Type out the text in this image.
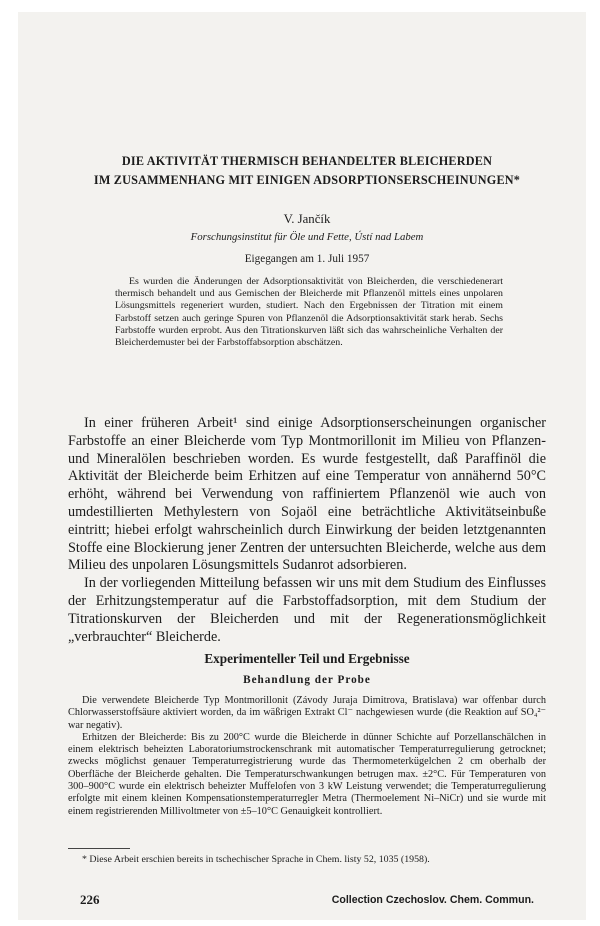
DIE AKTIVITÄT THERMISCH BEHANDELTER BLEICHERDEN
IM ZUSAMMENHANG MIT EINIGEN ADSORPTIONSERSCHEINUNGEN*
V. Jančík
Forschungsinstitut für Öle und Fette, Ústí nad Labem
Eigegangen am 1. Juli 1957

Es wurden die Änderungen der Adsorptionsaktivität von Bleicherden, die verschiedenerart thermisch behandelt und aus Gemischen der Bleicherde mit Pflanzenöl mittels eines unpolaren Lösungsmittels regeneriert wurden, studiert. Nach den Ergebnissen der Titration mit einem Farbstoff setzen auch geringe Spuren von Pflanzenöl die Adsorptionsaktivität stark herab. Sechs Farbstoffe wurden erprobt. Aus den Titrationskurven läßt sich das wahrscheinliche Verhalten der Bleicherdemuster bei der Farbstoffabsorption abschätzen.

In einer früheren Arbeit¹ sind einige Adsorptionserscheinungen organischer Farbstoffe an einer Bleicherde vom Typ Montmorillonit im Milieu von Pflanzen- und Mineralölen beschrieben worden. Es wurde festgestellt, daß Paraffinöl die Aktivität der Bleicherde beim Erhitzen auf eine Temperatur von annähernd 50°C erhöht, während bei Verwendung von raffiniertem Pflanzenöl wie auch von umdestillierten Methylestern von Sojaöl eine beträchtliche Aktivitätseinbuße eintritt; hiebei erfolgt wahrscheinlich durch Einwirkung der beiden letztgenannten Stoffe eine Blockierung jener Zentren der untersuchten Bleicherde, welche aus dem Milieu des unpolaren Lösungsmittels Sudanrot adsorbieren.

In der vorliegenden Mitteilung befassen wir uns mit dem Studium des Einflusses der Erhitzungstemperatur auf die Farbstoffadsorption, mit dem Studium der Titrationskurven der Bleicherden und mit der Regenerationsmöglichkeit „verbrauchter“ Bleicherde.

Experimenteller Teil und Ergebnisse
Behandlung der Probe

Die verwendete Bleicherde Typ Montmorillonit (Závody Juraja Dimitrova, Bratislava) war offenbar durch Chlorwasserstoffsäure aktiviert worden, da im wäßrigen Extrakt Cl⁻ nachgewiesen wurde (die Reaktion auf SO₄²⁻ war negativ).

Erhitzen der Bleicherde: Bis zu 200°C wurde die Bleicherde in dünner Schichte auf Porzellanschälchen in einem elektrisch beheizten Laboratoriumstrockenschrank mit automatischer Temperaturregulierung getrocknet; zwecks möglichst genauer Temperaturregistrierung wurde das Thermometerkügelchen 2 cm oberhalb der Oberfläche der Bleicherde gehalten. Die Temperaturschwankungen betrugen max. ±2°C. Für Temperaturen von 300–900°C wurde ein elektrisch beheizter Muffelofen von 3 kW Leistung verwendet; die Temperaturregulierung erfolgte mit einem kleinen Kompensationstemperaturregler Metra (Thermoelement Ni–NiCr) und sie wurde mit einem registrierenden Millivoltmeter von ±5–10°C Genauigkeit kontrolliert.

* Diese Arbeit erschien bereits in tschechischer Sprache in Chem. listy 52, 1035 (1958).

226	Collection Czechoslov. Chem. Commun.
